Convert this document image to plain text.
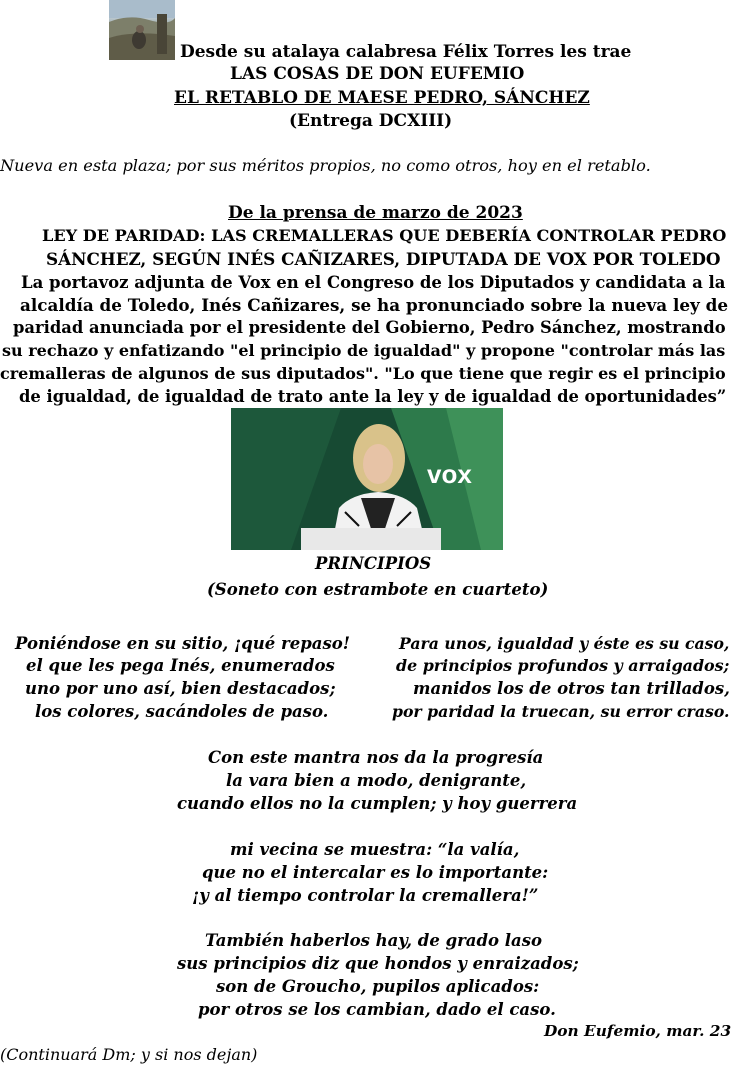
Desde su atalaya calabresa Félix Torres les trae
LAS COSAS DE DON EUFEMIO
EL RETABLO DE MAESE PEDRO, SÁNCHEZ
(Entrega DCXIII)
Nueva en esta plaza; por sus méritos propios, no como otros, hoy en el retablo.
De la prensa de marzo de 2023
LEY DE PARIDAD: LAS CREMALLERAS QUE DEBERÍA CONTROLAR PEDRO
SÁNCHEZ, SEGÚN INÉS CAÑIZARES, DIPUTADA DE VOX POR TOLEDO
La portavoz adjunta de Vox en el Congreso de los Diputados y candidata a la
alcaldía de Toledo, Inés Cañizares, se ha pronunciado sobre la nueva ley de
paridad anunciada por el presidente del Gobierno, Pedro Sánchez, mostrando
su rechazo y enfatizando "el principio de igualdad" y propone "controlar más las
cremalleras de algunos de sus diputados". "Lo que tiene que regir es el principio
de igualdad, de igualdad de trato ante la ley y de igualdad de oportunidades”
vox
PRINCIPIOS
(Soneto con estrambote en cuarteto)
Poniéndose en su sitio, ¡qué repaso!
el que les pega Inés, enumerados
uno por uno así, bien destacados;
los colores, sacándoles de paso.
Para unos, igualdad y éste es su caso,
de principios profundos y arraigados;
manidos los de otros tan trillados,
por paridad la truecan, su error craso.
Con este mantra nos da la progresía
la vara bien a modo, denigrante,
cuando ellos no la cumplen; y hoy guerrera
mi vecina se muestra: “la valía,
que no el intercalar es lo importante:
¡y al tiempo controlar la cremallera!”
También haberlos hay, de grado laso
sus principios diz que hondos y enraizados;
son de Groucho, pupilos aplicados:
por otros se los cambian, dado el caso.
Don Eufemio, mar. 23
(Continuará Dm; y si nos dejan)
